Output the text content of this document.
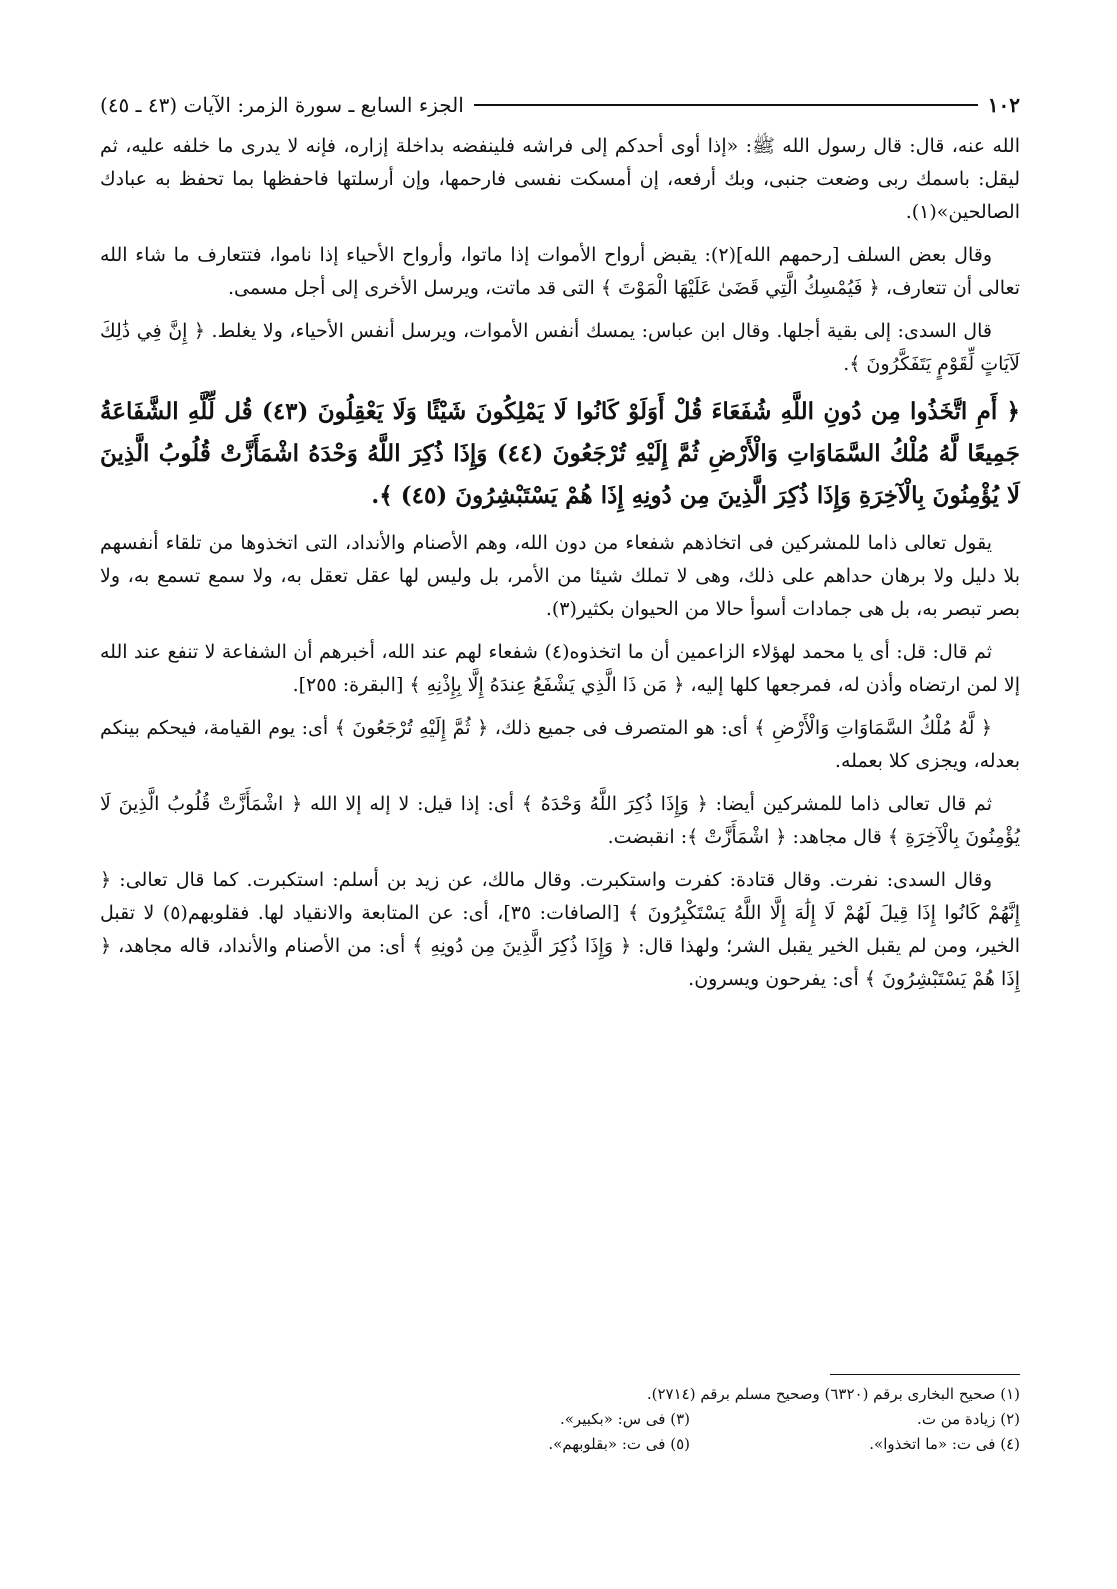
١٠٢
الجزء السابع ـ سورة الزمر: الآيات (٤٣ ـ ٤٥)

الله عنه، قال: قال رسول الله ﷺ: «إذا أوى أحدكم إلى فراشه فلينفضه بداخلة إزاره، فإنه لا يدرى ما خلفه عليه، ثم ليقل: باسمك ربى وضعت جنبى، وبك أرفعه، إن أمسكت نفسى فارحمها، وإن أرسلتها فاحفظها بما تحفظ به عبادك الصالحين»(١).

وقال بعض السلف [رحمهم الله](٢): يقبض أرواح الأموات إذا ماتوا، وأرواح الأحياء إذا ناموا، فتتعارف ما شاء الله تعالى أن تتعارف، ﴿ فَيُمْسِكُ الَّتِي قَضَىٰ عَلَيْهَا الْمَوْتَ ﴾ التى قد ماتت، ويرسل الأخرى إلى أجل مسمى.

قال السدى: إلى بقية أجلها. وقال ابن عباس: يمسك أنفس الأموات، ويرسل أنفس الأحياء، ولا يغلط. ﴿ إِنَّ فِي ذَٰلِكَ لَآيَاتٍ لِّقَوْمٍ يَتَفَكَّرُونَ ﴾.

﴿ أَمِ اتَّخَذُوا مِن دُونِ اللَّهِ شُفَعَاءَ قُلْ أَوَلَوْ كَانُوا لَا يَمْلِكُونَ شَيْئًا وَلَا يَعْقِلُونَ (٤٣) قُل لِّلَّهِ الشَّفَاعَةُ جَمِيعًا لَّهُ مُلْكُ السَّمَاوَاتِ وَالْأَرْضِ ثُمَّ إِلَيْهِ تُرْجَعُونَ (٤٤) وَإِذَا ذُكِرَ اللَّهُ وَحْدَهُ اشْمَأَزَّتْ قُلُوبُ الَّذِينَ لَا يُؤْمِنُونَ بِالْآخِرَةِ وَإِذَا ذُكِرَ الَّذِينَ مِن دُونِهِ إِذَا هُمْ يَسْتَبْشِرُونَ (٤٥) ﴾.

يقول تعالى ذاما للمشركين فى اتخاذهم شفعاء من دون الله، وهم الأصنام والأنداد، التى اتخذوها من تلقاء أنفسهم بلا دليل ولا برهان حداهم على ذلك، وهى لا تملك شيئا من الأمر، بل وليس لها عقل تعقل به، ولا سمع تسمع به، ولا بصر تبصر به، بل هى جمادات أسوأ حالا من الحيوان بكثير(٣).

ثم قال: قل: أى يا محمد لهؤلاء الزاعمين أن ما اتخذوه(٤) شفعاء لهم عند الله، أخبرهم أن الشفاعة لا تنفع عند الله إلا لمن ارتضاه وأذن له، فمرجعها كلها إليه، ﴿ مَن ذَا الَّذِي يَشْفَعُ عِندَهُ إِلَّا بِإِذْنِهِ ﴾ [البقرة: ٢٥٥].

﴿ لَّهُ مُلْكُ السَّمَاوَاتِ وَالْأَرْضِ ﴾ أى: هو المتصرف فى جميع ذلك، ﴿ ثُمَّ إِلَيْهِ تُرْجَعُونَ ﴾ أى: يوم القيامة، فيحكم بينكم بعدله، ويجزى كلا بعمله.

ثم قال تعالى ذاما للمشركين أيضا: ﴿ وَإِذَا ذُكِرَ اللَّهُ وَحْدَهُ ﴾ أى: إذا قيل: لا إله إلا الله ﴿ اشْمَأَزَّتْ قُلُوبُ الَّذِينَ لَا يُؤْمِنُونَ بِالْآخِرَةِ ﴾ قال مجاهد: ﴿ اشْمَأَزَّتْ ﴾: انقبضت.

وقال السدى: نفرت. وقال قتادة: كفرت واستكبرت. وقال مالك، عن زيد بن أسلم: استكبرت. كما قال تعالى: ﴿ إِنَّهُمْ كَانُوا إِذَا قِيلَ لَهُمْ لَا إِلَٰهَ إِلَّا اللَّهُ يَسْتَكْبِرُونَ ﴾ [الصافات: ٣٥]، أى: عن المتابعة والانقياد لها. فقلوبهم(٥) لا تقبل الخير، ومن لم يقبل الخير يقبل الشر؛ ولهذا قال: ﴿ وَإِذَا ذُكِرَ الَّذِينَ مِن دُونِهِ ﴾ أى: من الأصنام والأنداد، قاله مجاهد، ﴿ إِذَا هُمْ يَسْتَبْشِرُونَ ﴾ أى: يفرحون ويسرون.

(١) صحيح البخارى برقم (٦٣٢٠) وصحيح مسلم برقم (٢٧١٤).
(٢) زيادة من ت.
(٣) فى س: «بكبير».
(٤) فى ت: «ما اتخذوا».
(٥) فى ت: «بقلوبهم».
